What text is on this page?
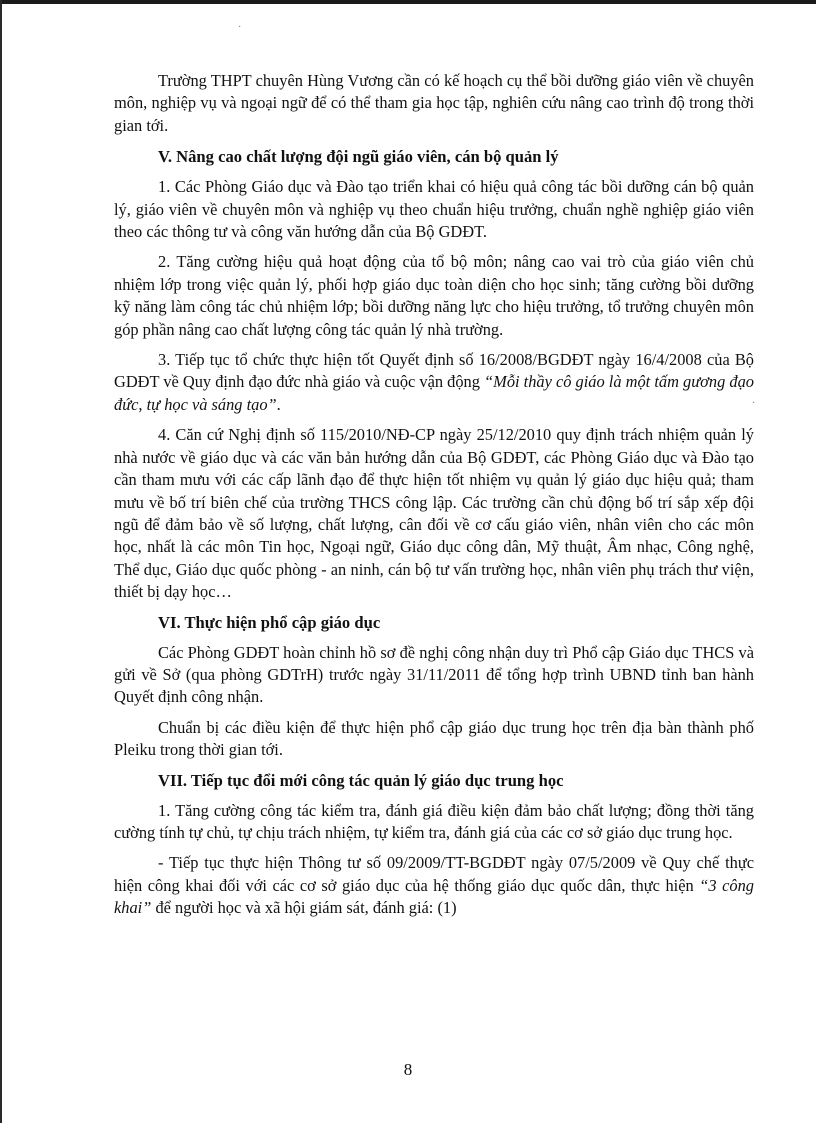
·
·

Trường THPT chuyên Hùng Vương cần có kế hoạch cụ thể bồi dưỡng giáo viên về chuyên môn, nghiệp vụ và ngoại ngữ để có thể tham gia học tập, nghiên cứu nâng cao trình độ trong thời gian tới.

V. Nâng cao chất lượng đội ngũ giáo viên, cán bộ quản lý

1. Các Phòng Giáo dục và Đào tạo triển khai có hiệu quả công tác bồi dưỡng cán bộ quản lý, giáo viên về chuyên môn và nghiệp vụ theo chuẩn hiệu trưởng, chuẩn nghề nghiệp giáo viên theo các thông tư và công văn hướng dẫn của Bộ GDĐT.

2. Tăng cường hiệu quả hoạt động của tổ bộ môn; nâng cao vai trò của giáo viên chủ nhiệm lớp trong việc quản lý, phối hợp giáo dục toàn diện cho học sinh; tăng cường bồi dưỡng kỹ năng làm công tác chủ nhiệm lớp; bồi dưỡng năng lực cho hiệu trưởng, tổ trưởng chuyên môn góp phần nâng cao chất lượng công tác quản lý nhà trường.

3. Tiếp tục tổ chức thực hiện tốt Quyết định số 16/2008/BGDĐT ngày 16/4/2008 của Bộ GDĐT về Quy định đạo đức nhà giáo và cuộc vận động “Mỗi thầy cô giáo là một tấm gương đạo đức, tự học và sáng tạo”.

4. Căn cứ Nghị định số 115/2010/NĐ-CP ngày 25/12/2010 quy định trách nhiệm quản lý nhà nước về giáo dục và các văn bản hướng dẫn của Bộ GDĐT, các Phòng Giáo dục và Đào tạo cần tham mưu với các cấp lãnh đạo để thực hiện tốt nhiệm vụ quản lý giáo dục hiệu quả; tham mưu về bố trí biên chế của trường THCS công lập. Các trường cần chủ động bố trí sắp xếp đội ngũ để đảm bảo về số lượng, chất lượng, cân đối về cơ cấu giáo viên, nhân viên cho các môn học, nhất là các môn Tin học, Ngoại ngữ, Giáo dục công dân, Mỹ thuật, Âm nhạc, Công nghệ, Thể dục, Giáo dục quốc phòng - an ninh, cán bộ tư vấn trường học, nhân viên phụ trách thư viện, thiết bị dạy học…

VI. Thực hiện phổ cập giáo dục

Các Phòng GDĐT hoàn chỉnh hồ sơ đề nghị công nhận duy trì Phổ cập Giáo dục THCS và gửi về Sở (qua phòng GDTrH) trước ngày 31/11/2011 để tổng hợp trình UBND tỉnh ban hành Quyết định công nhận.

Chuẩn bị các điều kiện để thực hiện phổ cập giáo dục trung học trên địa bàn thành phố Pleiku trong thời gian tới.

VII. Tiếp tục đổi mới công tác quản lý giáo dục trung học

1. Tăng cường công tác kiểm tra, đánh giá điều kiện đảm bảo chất lượng; đồng thời tăng cường tính tự chủ, tự chịu trách nhiệm, tự kiểm tra, đánh giá của các cơ sở giáo dục trung học.

- Tiếp tục thực hiện Thông tư số 09/2009/TT-BGDĐT ngày 07/5/2009 về Quy chế thực hiện công khai đối với các cơ sở giáo dục của hệ thống giáo dục quốc dân, thực hiện “3 công khai” để người học và xã hội giám sát, đánh giá: (1)

8
